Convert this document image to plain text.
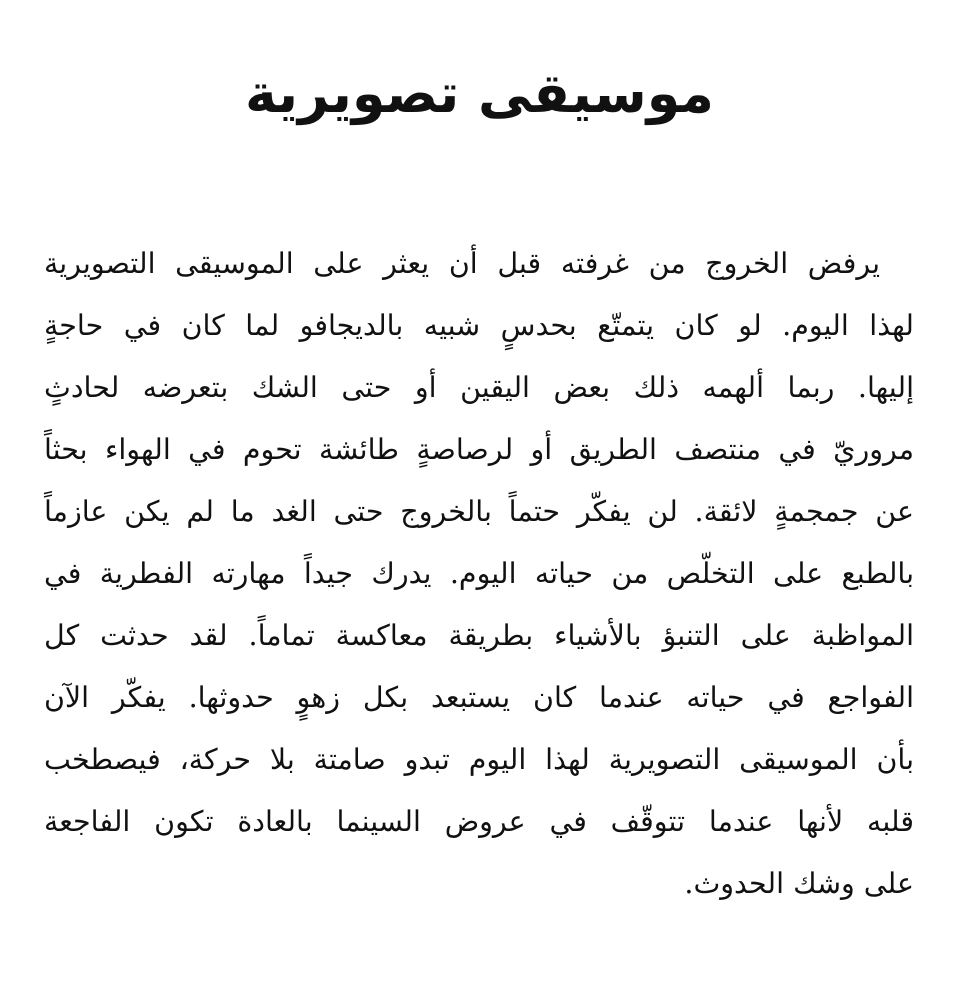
موسيقى تصويرية
يرفض الخروج من غرفته قبل أن يعثر على الموسيقى التصويرية
لهذا اليوم. لو كان يتمتّع بحدسٍ شبيه بالديجافو لما كان في حاجةٍ
إليها. ربما ألهمه ذلك بعض اليقين أو حتى الشك بتعرضه لحادثٍ
مروريّ في منتصف الطريق أو لرصاصةٍ طائشة تحوم في الهواء بحثاً
عن جمجمةٍ لائقة. لن يفكّر حتماً بالخروج حتى الغد ما لم يكن عازماً
بالطبع على التخلّص من حياته اليوم. يدرك جيداً مهارته الفطرية في
المواظبة على التنبؤ بالأشياء بطريقة معاكسة تماماً. لقد حدثت كل
الفواجع في حياته عندما كان يستبعد بكل زهوٍ حدوثها. يفكّر الآن
بأن الموسيقى التصويرية لهذا اليوم تبدو صامتة بلا حركة، فيصطخب
قلبه لأنها عندما تتوقّف في عروض السينما بالعادة تكون الفاجعة
على وشك الحدوث.
